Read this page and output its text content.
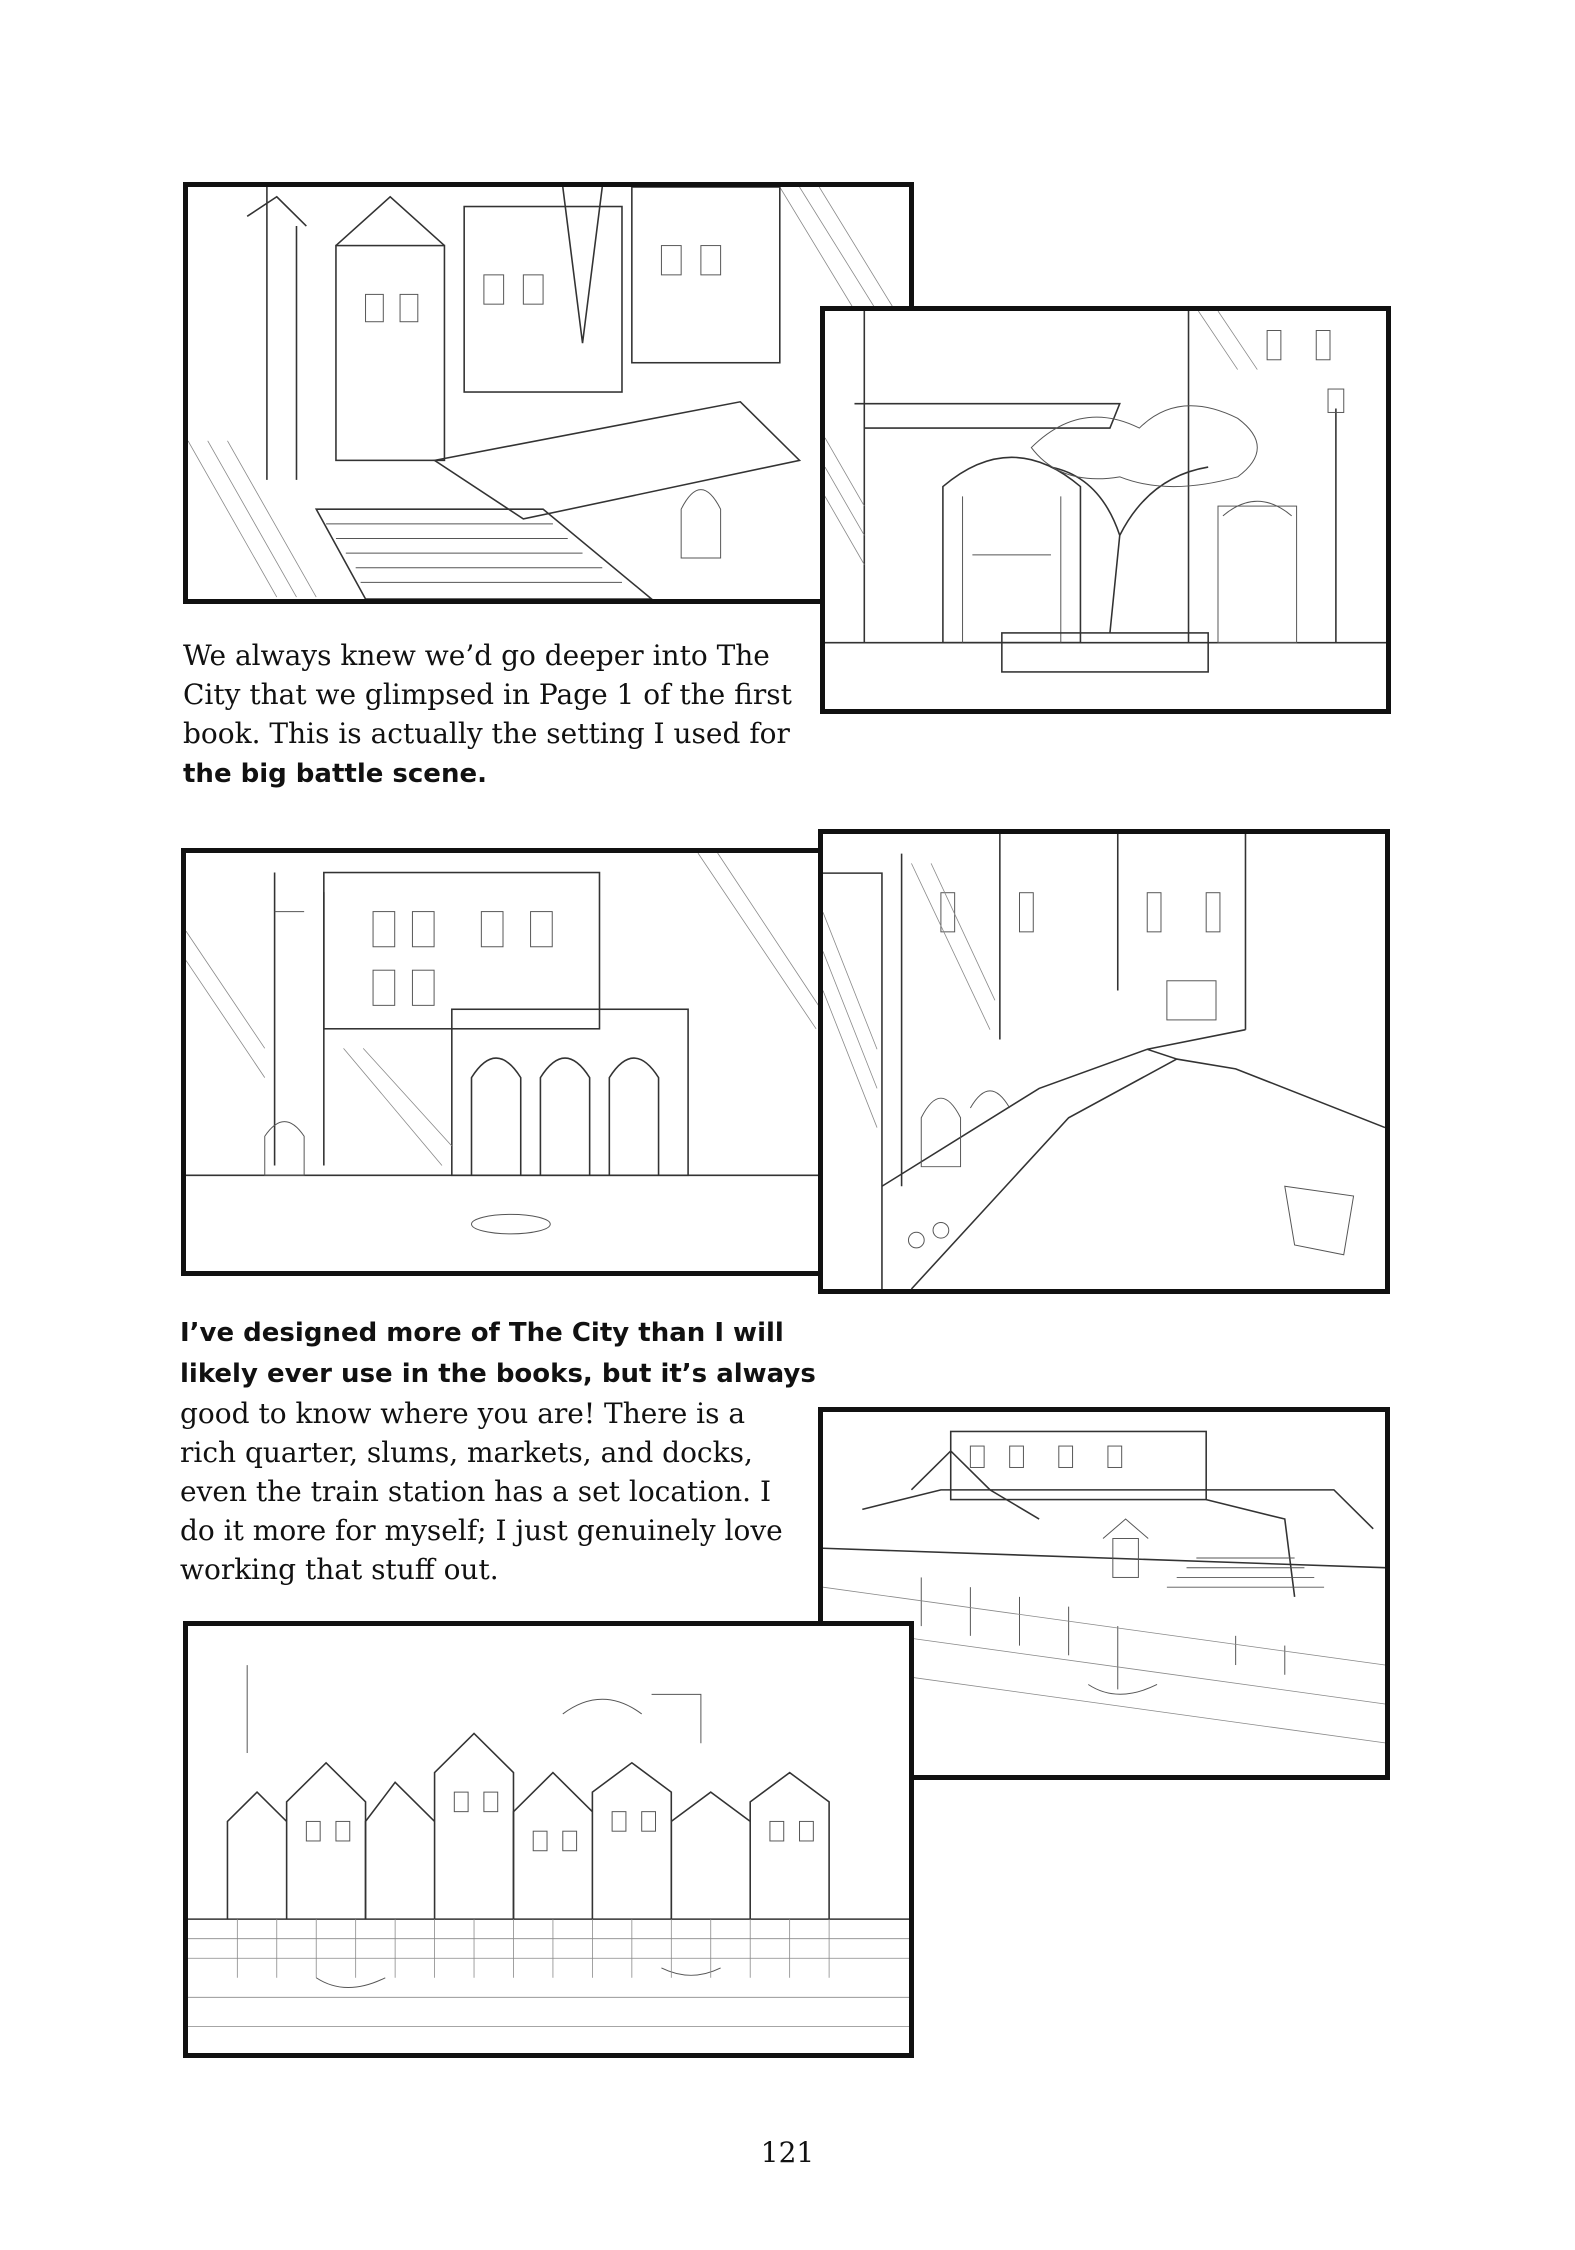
We always knew we’d go deeper into The
City that we glimpsed in Page 1 of the first
book. This is actually the setting I used for
the big battle scene.
I’ve designed more of The City than I will
likely ever use in the books, but it’s always
good to know where you are! There is a
rich quarter, slums, markets, and docks,
even the train station has a set location. I
do it more for myself; I just genuinely love
working that stuff out.
121
